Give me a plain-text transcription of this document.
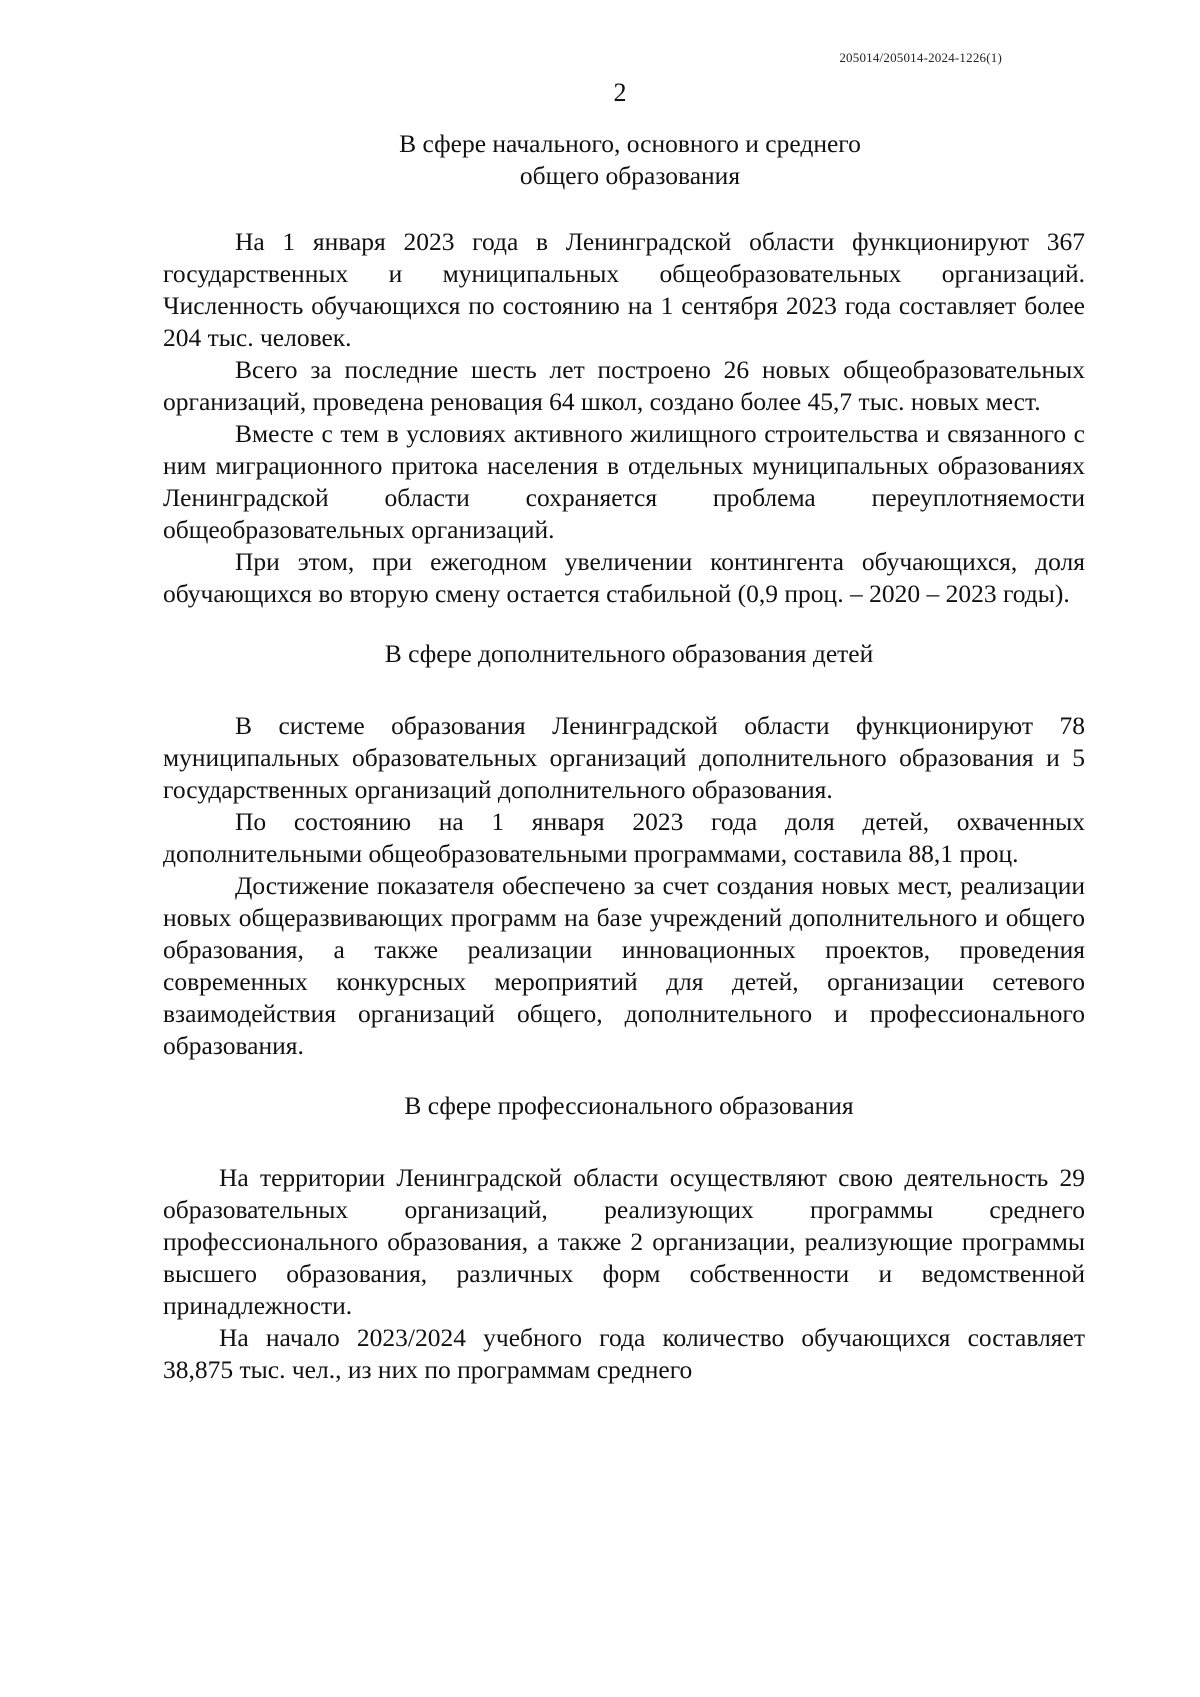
205014/205014-2024-1226(1)
2

В сфере начального, основного и среднего
общего образования

На 1 января 2023 года в Ленинградской области функционируют 367 государственных и муниципальных общеобразовательных организаций. Численность обучающихся по состоянию на 1 сентября 2023 года составляет более 204 тыс. человек.

Всего за последние шесть лет построено 26 новых общеобразовательных организаций, проведена реновация 64 школ, создано более 45,7 тыс. новых мест.

Вместе с тем в условиях активного жилищного строительства и связанного с ним миграционного притока населения в отдельных муниципальных образованиях Ленинградской области сохраняется проблема переуплотняемости общеобразовательных организаций.

При этом, при ежегодном увеличении контингента обучающихся, доля обучающихся во вторую смену остается стабильной (0,9 проц. – 2020 – 2023 годы).

В сфере дополнительного образования детей

В системе образования Ленинградской области функционируют 78 муниципальных образовательных организаций дополнительного образования и 5 государственных организаций дополнительного образования.

По состоянию на 1 января 2023 года доля детей, охваченных дополнительными общеобразовательными программами, составила 88,1 проц.

Достижение показателя обеспечено за счет создания новых мест, реализации новых общеразвивающих программ на базе учреждений дополнительного и общего образования, а также реализации инновационных проектов, проведения современных конкурсных мероприятий для детей, организации сетевого взаимодействия организаций общего, дополнительного и профессионального образования.

В сфере профессионального образования

На территории Ленинградской области осуществляют свою деятельность 29 образовательных организаций, реализующих программы среднего профессионального образования, а также 2 организации, реализующие программы высшего образования, различных форм собственности и ведомственной принадлежности.

На начало 2023/2024 учебного года количество обучающихся составляет 38,875 тыс. чел., из них по программам среднего
